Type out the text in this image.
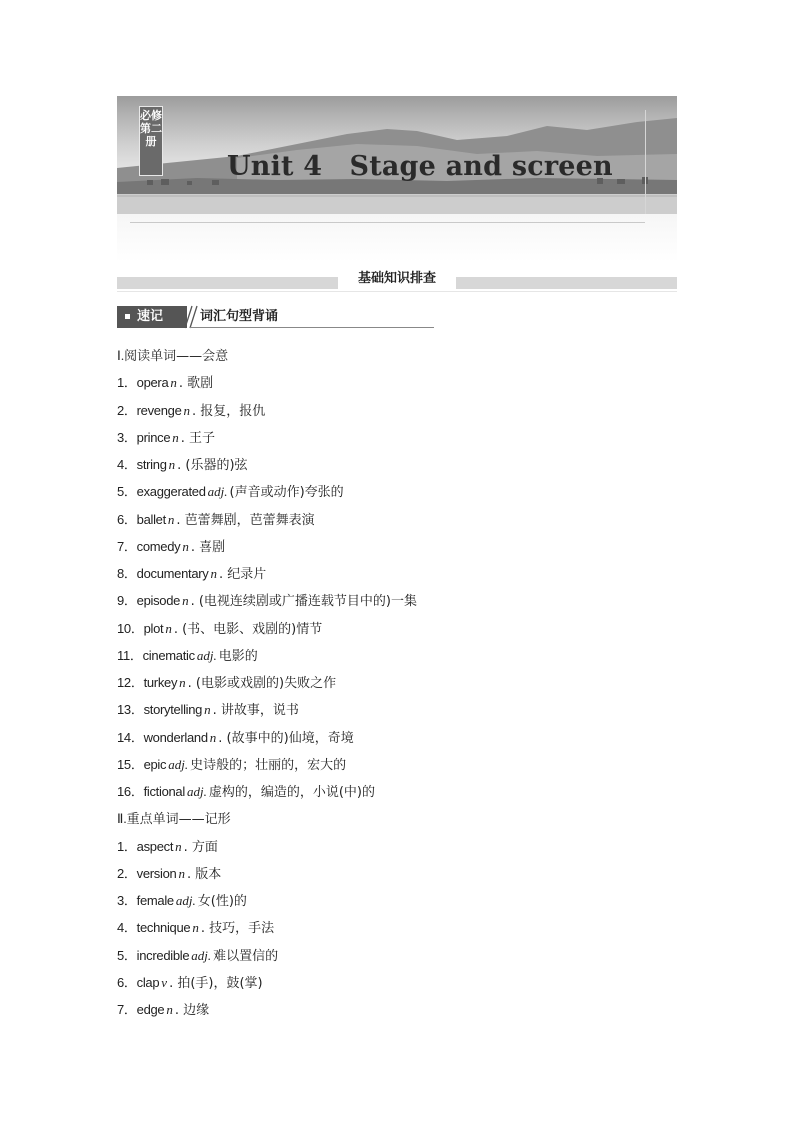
必修第二册
Unit 4　Stage and screen
基础知识排查
速记	词汇句型背诵
Ⅰ.阅读单词——会意
1．opera n . 歌剧
2．revenge n . 报复，报仇
3．prince n . 王子
4．string n . (乐器的)弦
5．exaggerated adj. (声音或动作)夸张的
6．ballet n . 芭蕾舞剧，芭蕾舞表演
7．comedy n . 喜剧
8．documentary n . 纪录片
9．episode n . (电视连续剧或广播连载节目中的)一集
10．plot n . (书、电影、戏剧的)情节
11．cinematic adj. 电影的
12．turkey n . (电影或戏剧的)失败之作
13．storytelling n . 讲故事，说书
14．wonderland n . (故事中的)仙境，奇境
15．epic adj. 史诗般的；壮丽的，宏大的
16．fictional adj. 虚构的，编造的，小说(中)的
Ⅱ.重点单词——记形
1．aspect n . 方面
2．version n . 版本
3．female adj. 女(性)的
4．technique n . 技巧，手法
5．incredible adj. 难以置信的
6．clap v . 拍(手)，鼓(掌)
7．edge n . 边缘
